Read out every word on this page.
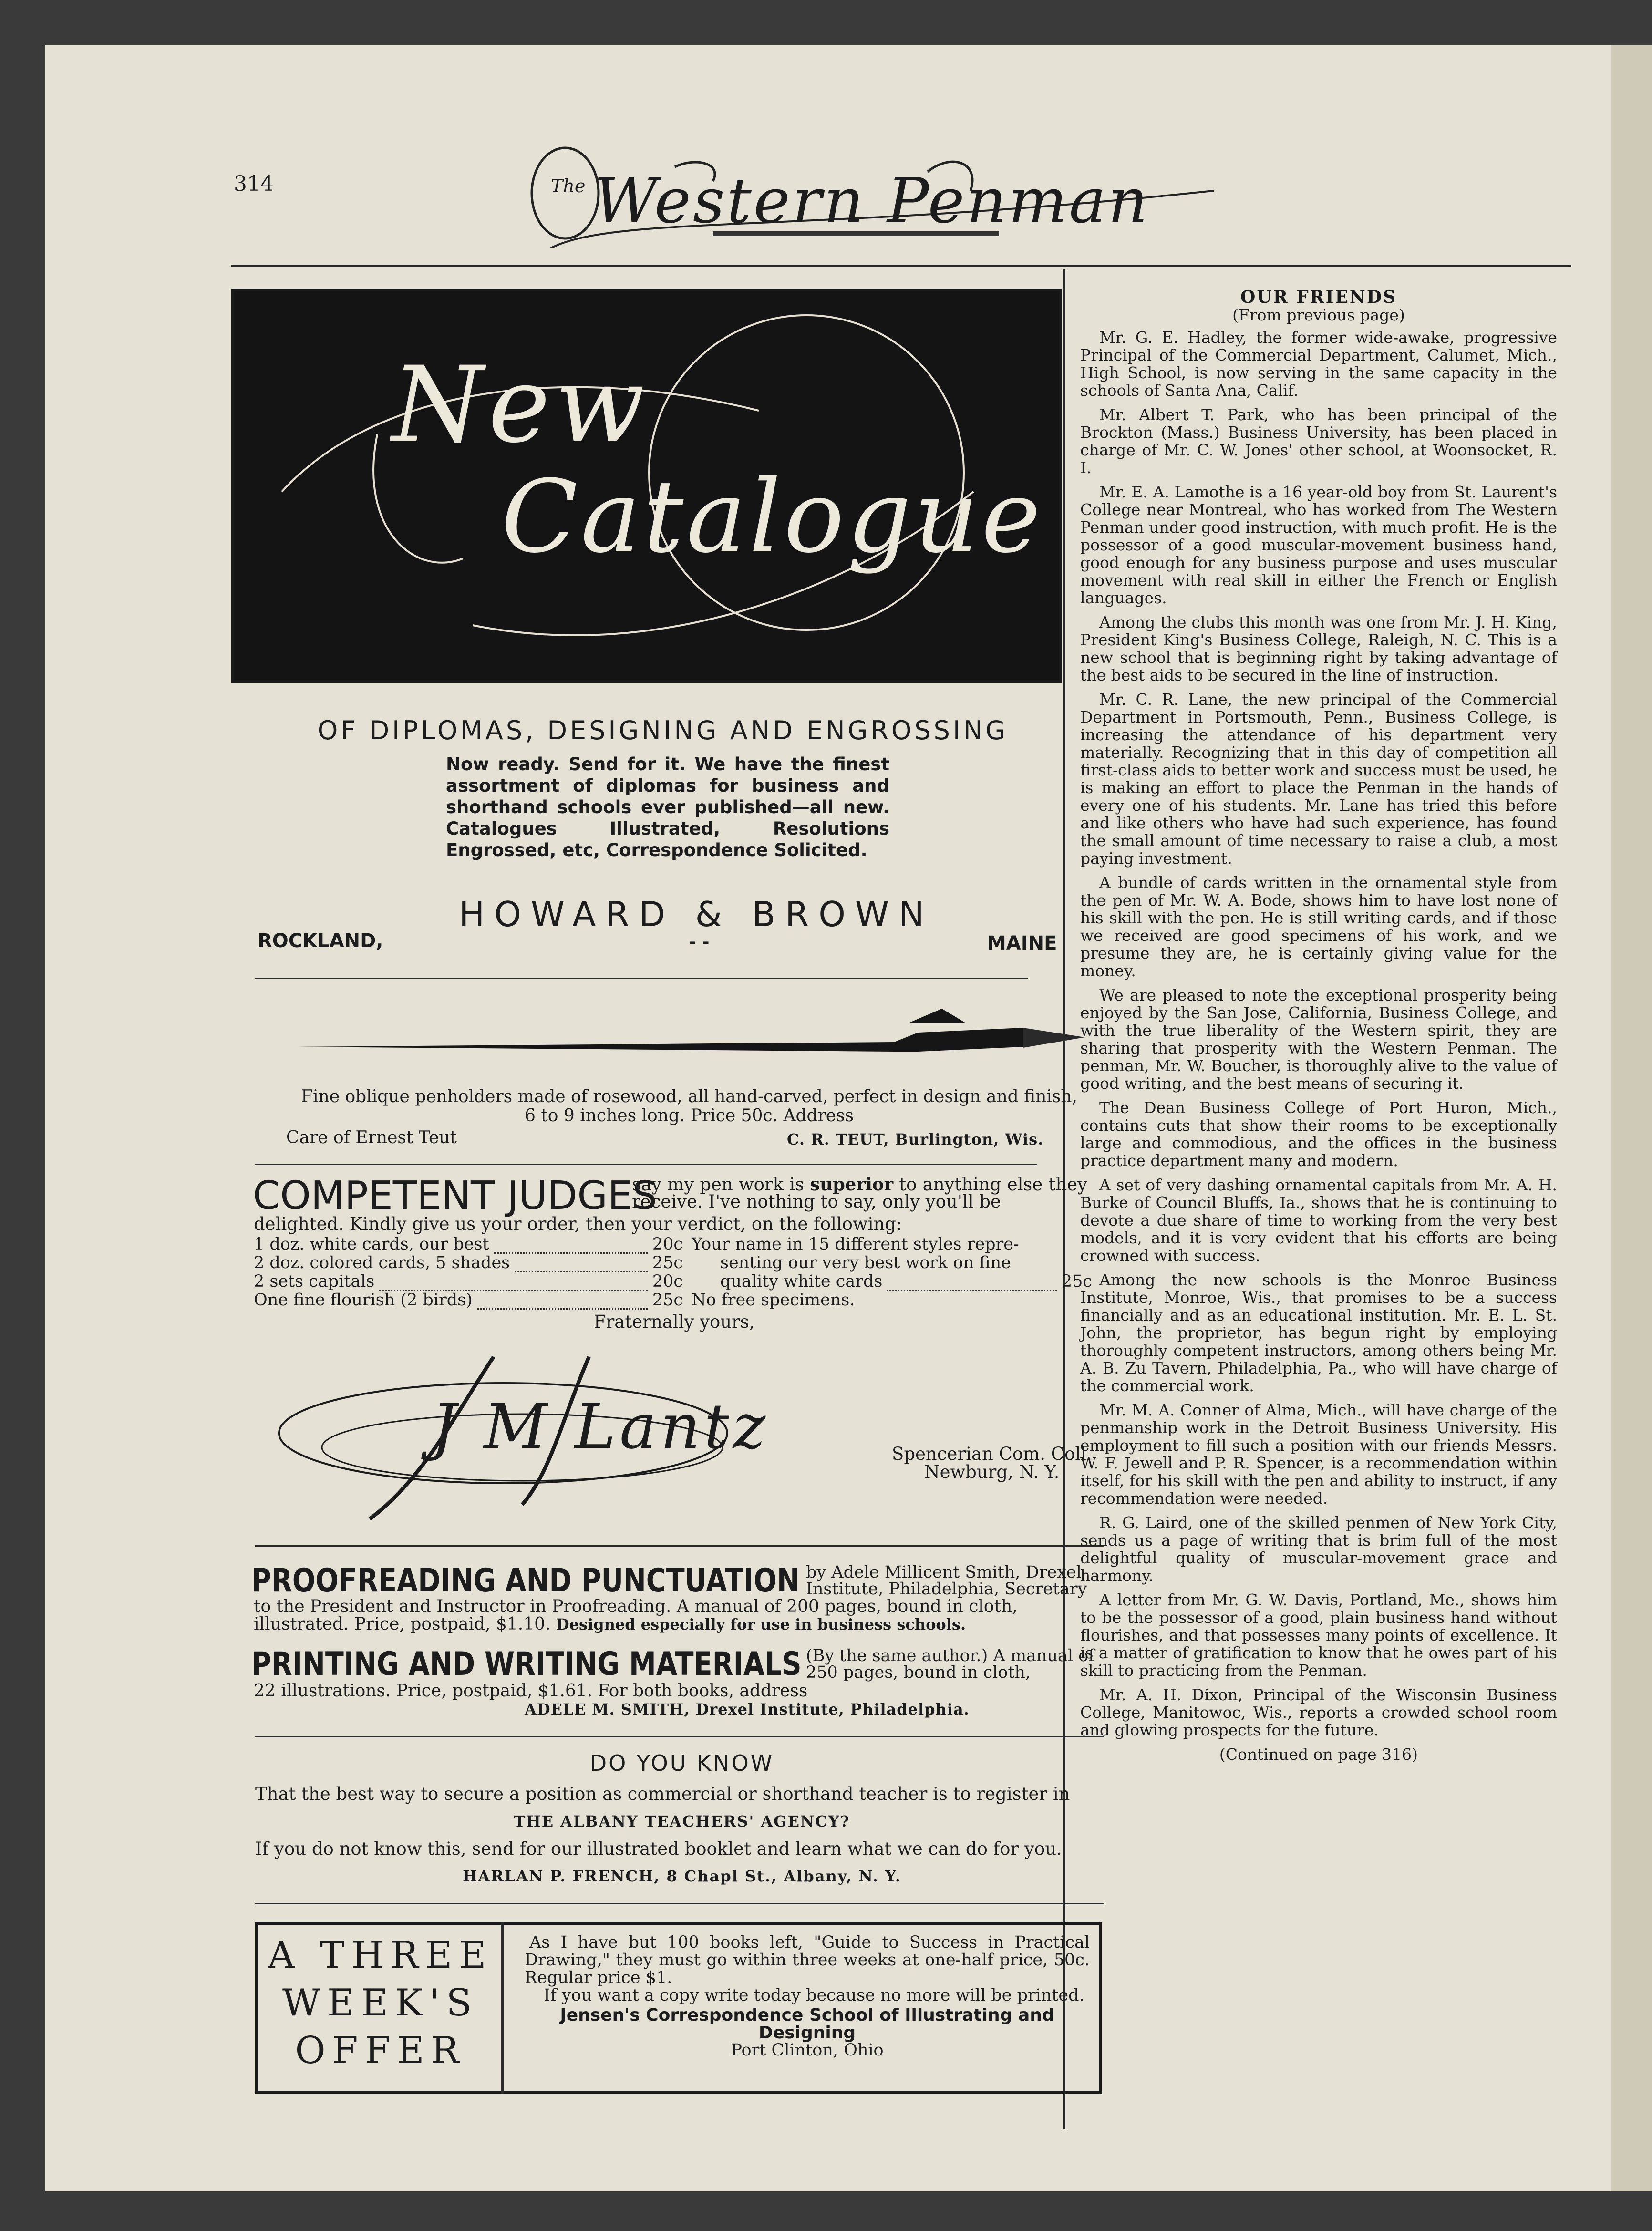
314	The Western Penman
New
Catalogue
OF DIPLOMAS, DESIGNING AND ENGROSSING
Now ready. Send for it. We have the finest assortment of diplomas for business and shorthand schools ever published—all new. Catalogues Illustrated, Resolutions Engrossed, etc, Correspondence Solicited.
HOWARD & BROWN
ROCKLAND,	- -	MAINE
Fine oblique penholders made of rosewood, all hand-carved, perfect in design and finish, 6 to 9 inches long. Price 50c. Address
Care of Ernest Teut	C. R. TEUT, Burlington, Wis.
COMPETENT JUDGES
say my pen work is superior to anything else they receive. I've nothing to say, only you'll be
delighted. Kindly give us your order, then your verdict, on the following:
1 doz. white cards, our best	20c
2 doz. colored cards, 5 shades	25c
2 sets capitals	20c
One fine flourish (2 birds)	25c
Your name in 15 different styles repre-
senting our very best work on fine
quality white cards	25c
No free specimens.
Fraternally yours,
J M Lantz	Spencerian Com. Coll.
Newburg, N. Y.
PROOFREADING AND PUNCTUATION by Adele Millicent Smith, Drexel Institute, Philadelphia, Secretary
to the President and Instructor in Proofreading. A manual of 200 pages, bound in cloth, illustrated. Price, postpaid, $1.10. Designed especially for use in business schools.
PRINTING AND WRITING MATERIALS (By the same author.) A manual of 250 pages, bound in cloth,
22 illustrations. Price, postpaid, $1.61. For both books, address
ADELE M. SMITH, Drexel Institute, Philadelphia.
DO YOU KNOW
That the best way to secure a position as commercial or shorthand teacher is to register in
THE ALBANY TEACHERS' AGENCY?
If you do not know this, send for our illustrated booklet and learn what we can do for you.
HARLAN P. FRENCH, 8 Chapl St., Albany, N. Y.
A THREE
WEEK'S
OFFER
As I have but 100 books left, "Guide to Success in Practical Drawing," they must go within three weeks at one-half price, 50c. Regular price $1.
If you want a copy write today because no more will be printed.
Jensen's Correspondence School of Illustrating and Designing
Port Clinton, Ohio
OUR FRIENDS
(From previous page)

Mr. G. E. Hadley, the former wide-awake, progressive Principal of the Commercial Department, Calumet, Mich., High School, is now serving in the same capacity in the schools of Santa Ana, Calif.

Mr. Albert T. Park, who has been principal of the Brockton (Mass.) Business University, has been placed in charge of Mr. C. W. Jones' other school, at Woonsocket, R. I.

Mr. E. A. Lamothe is a 16 year-old boy from St. Laurent's College near Montreal, who has worked from The Western Penman under good instruction, with much profit. He is the possessor of a good muscular-movement business hand, good enough for any business purpose and uses muscular movement with real skill in either the French or English languages.

Among the clubs this month was one from Mr. J. H. King, President King's Business College, Raleigh, N. C. This is a new school that is beginning right by taking advantage of the best aids to be secured in the line of instruction.

Mr. C. R. Lane, the new principal of the Commercial Department in Portsmouth, Penn., Business College, is increasing the attendance of his department very materially. Recognizing that in this day of competition all first-class aids to better work and success must be used, he is making an effort to place the Penman in the hands of every one of his students. Mr. Lane has tried this before and like others who have had such experience, has found the small amount of time necessary to raise a club, a most paying investment.

A bundle of cards written in the ornamental style from the pen of Mr. W. A. Bode, shows him to have lost none of his skill with the pen. He is still writing cards, and if those we received are good specimens of his work, and we presume they are, he is certainly giving value for the money.

We are pleased to note the exceptional prosperity being enjoyed by the San Jose, California, Business College, and with the true liberality of the Western spirit, they are sharing that prosperity with the Western Penman. The penman, Mr. W. Boucher, is thoroughly alive to the value of good writing, and the best means of securing it.

The Dean Business College of Port Huron, Mich., contains cuts that show their rooms to be exceptionally large and commodious, and the offices in the business practice department many and modern.

A set of very dashing ornamental capitals from Mr. A. H. Burke of Council Bluffs, Ia., shows that he is continuing to devote a due share of time to working from the very best models, and it is very evident that his efforts are being crowned with success.

Among the new schools is the Monroe Business Institute, Monroe, Wis., that promises to be a success financially and as an educational institution. Mr. E. L. St. John, the proprietor, has begun right by employing thoroughly competent instructors, among others being Mr. A. B. Zu Tavern, Philadelphia, Pa., who will have charge of the commercial work.

Mr. M. A. Conner of Alma, Mich., will have charge of the penmanship work in the Detroit Business University. His employment to fill such a position with our friends Messrs. W. F. Jewell and P. R. Spencer, is a recommendation within itself, for his skill with the pen and ability to instruct, if any recommendation were needed.

R. G. Laird, one of the skilled penmen of New York City, sends us a page of writing that is brim full of the most delightful quality of muscular-movement grace and harmony.

A letter from Mr. G. W. Davis, Portland, Me., shows him to be the possessor of a good, plain business hand without flourishes, and that possesses many points of excellence. It is a matter of gratification to know that he owes part of his skill to practicing from the Penman.

Mr. A. H. Dixon, Principal of the Wisconsin Business College, Manitowoc, Wis., reports a crowded school room and glowing prospects for the future.

(Continued on page 316)
